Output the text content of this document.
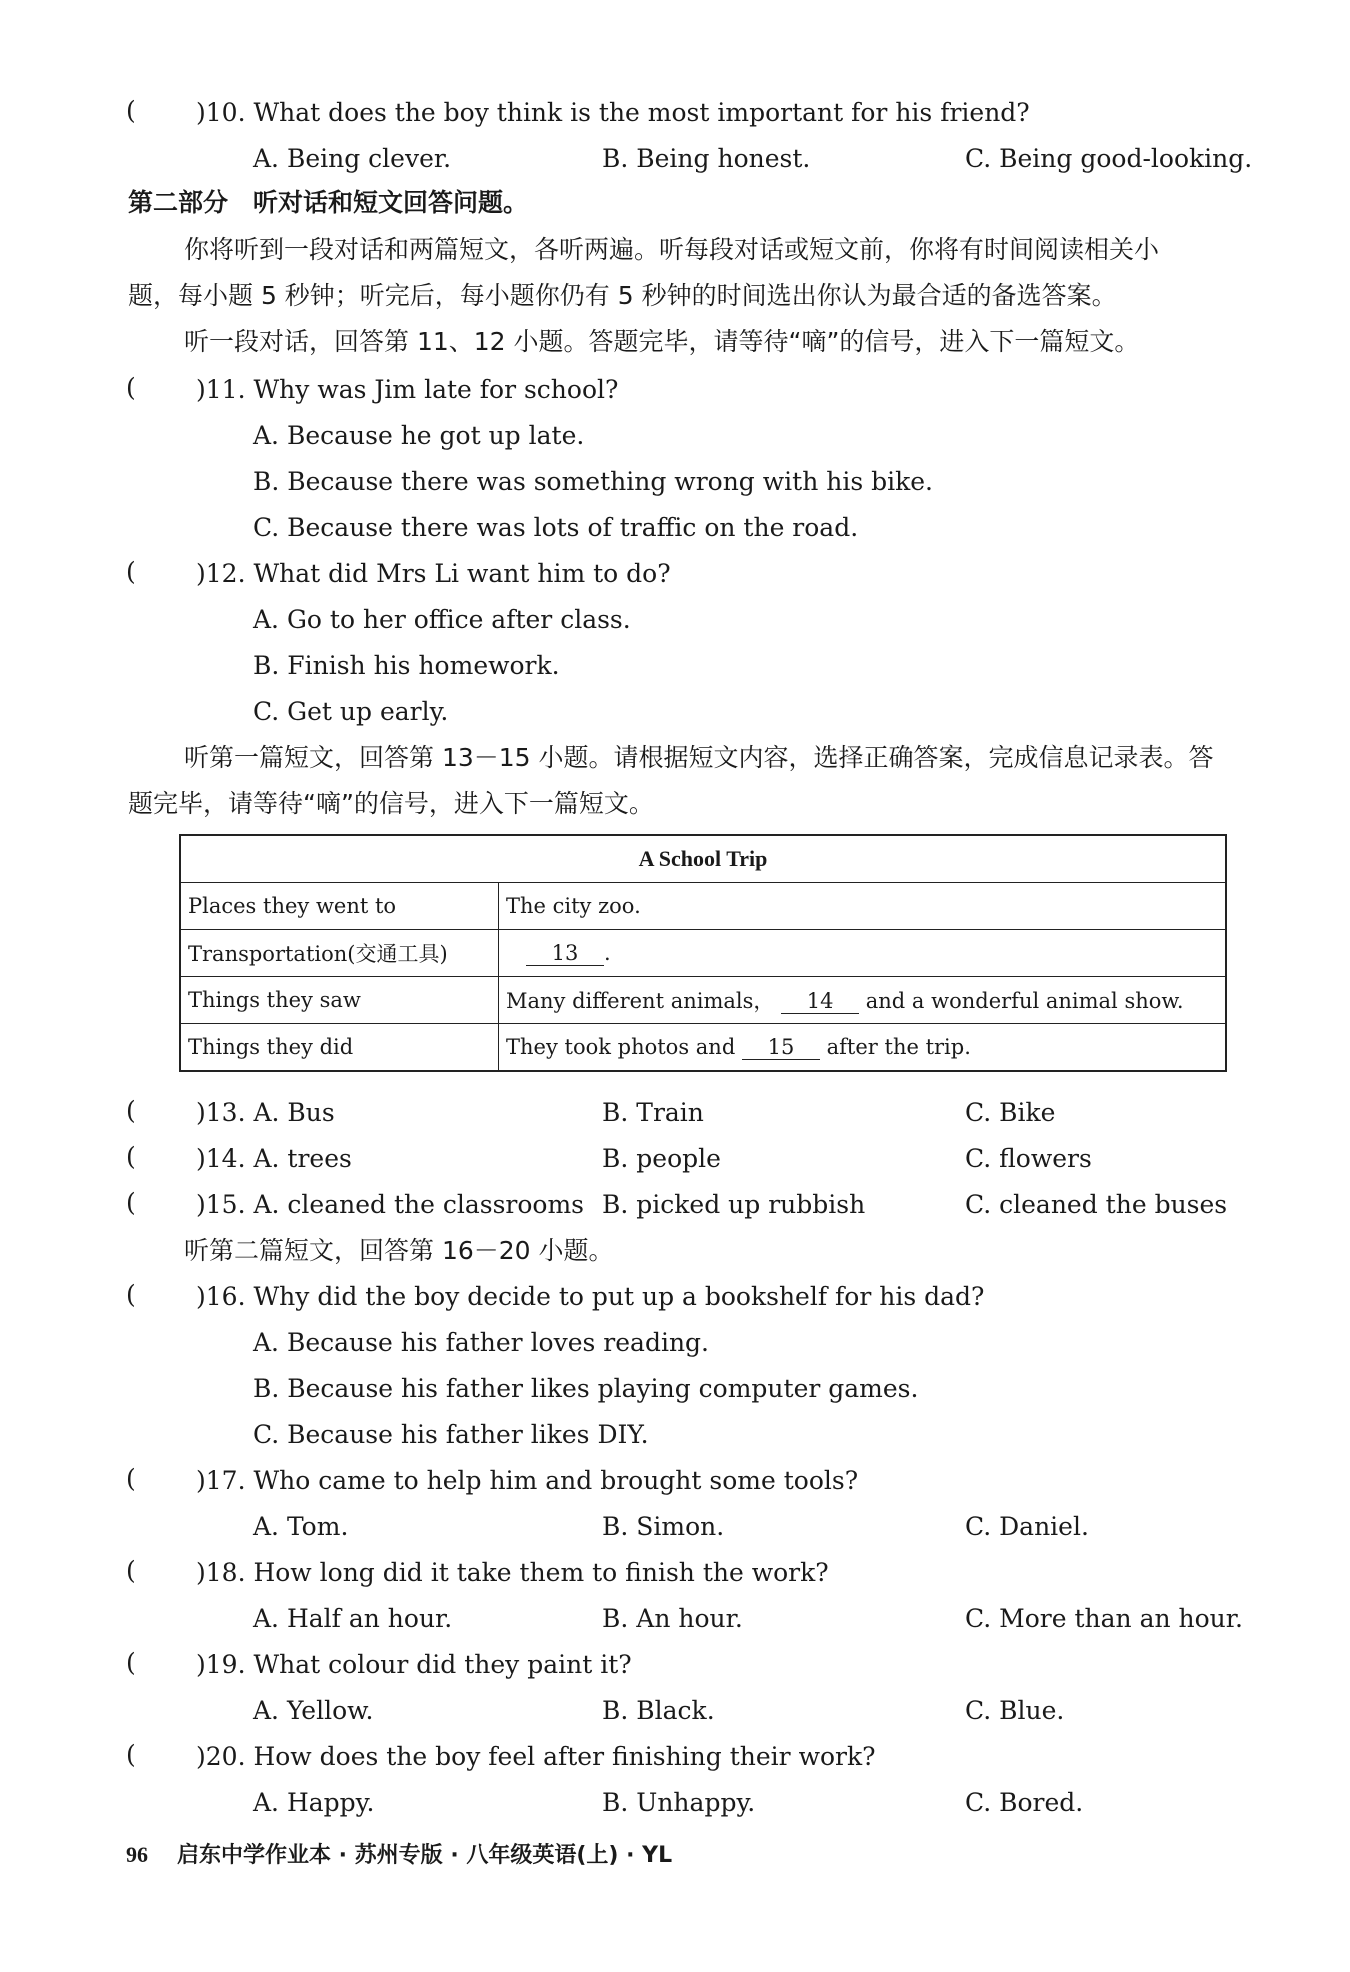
( )10. What does the boy think is the most important for his friend?
A. Being clever.	B. Being honest.	C. Being good-looking.
第二部分　听对话和短文回答问题。
你将听到一段对话和两篇短文，各听两遍。听每段对话或短文前，你将有时间阅读相关小
题，每小题 5 秒钟；听完后，每小题你仍有 5 秒钟的时间选出你认为最合适的备选答案。
听一段对话，回答第 11、12 小题。答题完毕，请等待“嘀”的信号，进入下一篇短文。
( )11. Why was Jim late for school?
A. Because he got up late.
B. Because there was something wrong with his bike.
C. Because there was lots of traffic on the road.
( )12. What did Mrs Li want him to do?
A. Go to her office after class.
B. Finish his homework.
C. Get up early.
听第一篇短文，回答第 13－15 小题。请根据短文内容，选择正确答案，完成信息记录表。答
题完毕，请等待“嘀”的信号，进入下一篇短文。
A School Trip	
Places they went to	The city zoo.
Transportation(交通工具)	13 .
Things they saw	Many different animals， 14 and a wonderful animal show.
Things they did	They took photos and 15 after the trip.
( )13. A. Bus	B. Train	C. Bike
( )14. A. trees	B. people	C. flowers
( )15. A. cleaned the classrooms B. picked up rubbish	C. cleaned the buses
听第二篇短文，回答第 16－20 小题。
( )16. Why did the boy decide to put up a bookshelf for his dad?
A. Because his father loves reading.
B. Because his father likes playing computer games.
C. Because his father likes DIY.
( )17. Who came to help him and brought some tools?
A. Tom.	B. Simon.	C. Daniel.
( )18. How long did it take them to finish the work?
A. Half an hour.	B. An hour.	C. More than an hour.
( )19. What colour did they paint it?
A. Yellow.	B. Black.	C. Blue.
( )20. How does the boy feel after finishing their work?
A. Happy.	B. Unhappy.	C. Bored.
96 启东中学作业本 · 苏州专版 · 八年级英语(上) · YL
